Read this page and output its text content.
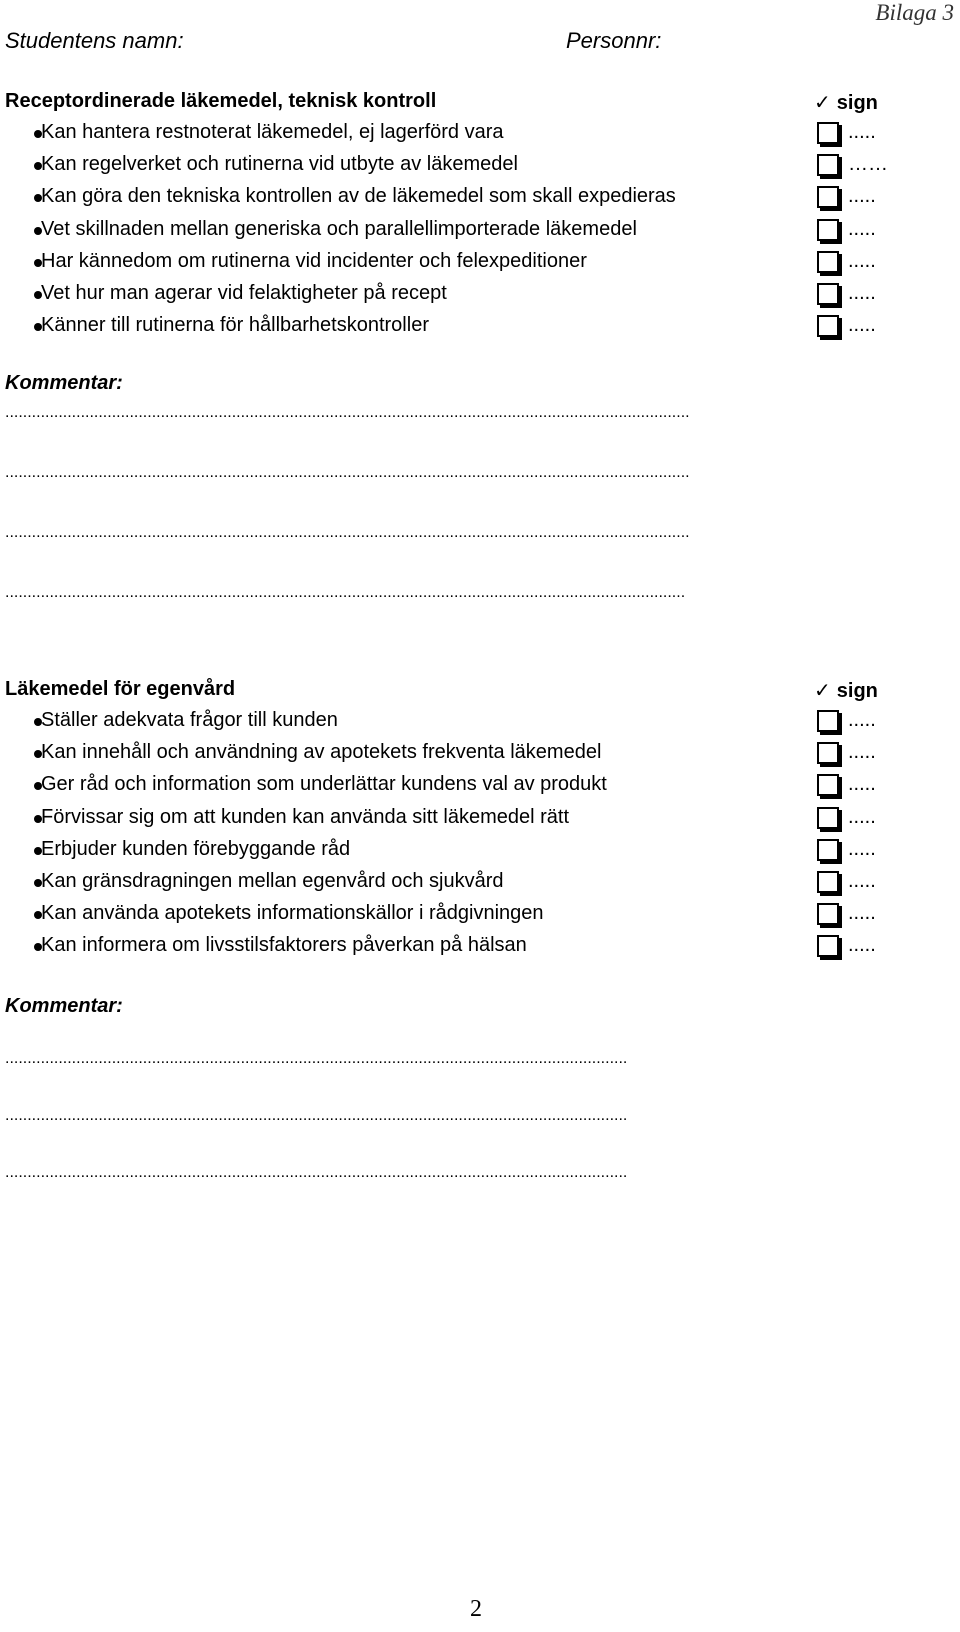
Bilaga 3
Studentens namn:	Personnr:
Receptordinerade läkemedel, teknisk kontroll	✓ sign
Kan hantera restnoterat läkemedel, ej lagerförd vara	.....
Kan regelverket och rutinerna vid utbyte av läkemedel	……
Kan göra den tekniska kontrollen av de läkemedel som skall expedieras	.....
Vet skillnaden mellan generiska och parallellimporterade läkemedel	.....
Har kännedom om rutinerna vid incidenter och felexpeditioner	.....
Vet hur man agerar vid felaktigheter på recept	.....
Känner till rutinerna för hållbarhetskontroller	.....
Kommentar:
..........................................................................................................................................................
..........................................................................................................................................................
..........................................................................................................................................................
.........................................................................................................................................................
Läkemedel för egenvård	✓ sign
Ställer adekvata frågor till kunden	.....
Kan innehåll och användning av apotekets frekventa läkemedel	.....
Ger råd och information som underlättar kundens val av produkt	.....
Förvissar sig om att kunden kan använda sitt läkemedel rätt	.....
Erbjuder kunden förebyggande råd	.....
Kan gränsdragningen mellan egenvård och sjukvård	.....
Kan använda apotekets informationskällor i rådgivningen	.....
Kan informera om livsstilsfaktorers påverkan på hälsan	.....
Kommentar:
............................................................................................................................................
............................................................................................................................................
............................................................................................................................................
2
